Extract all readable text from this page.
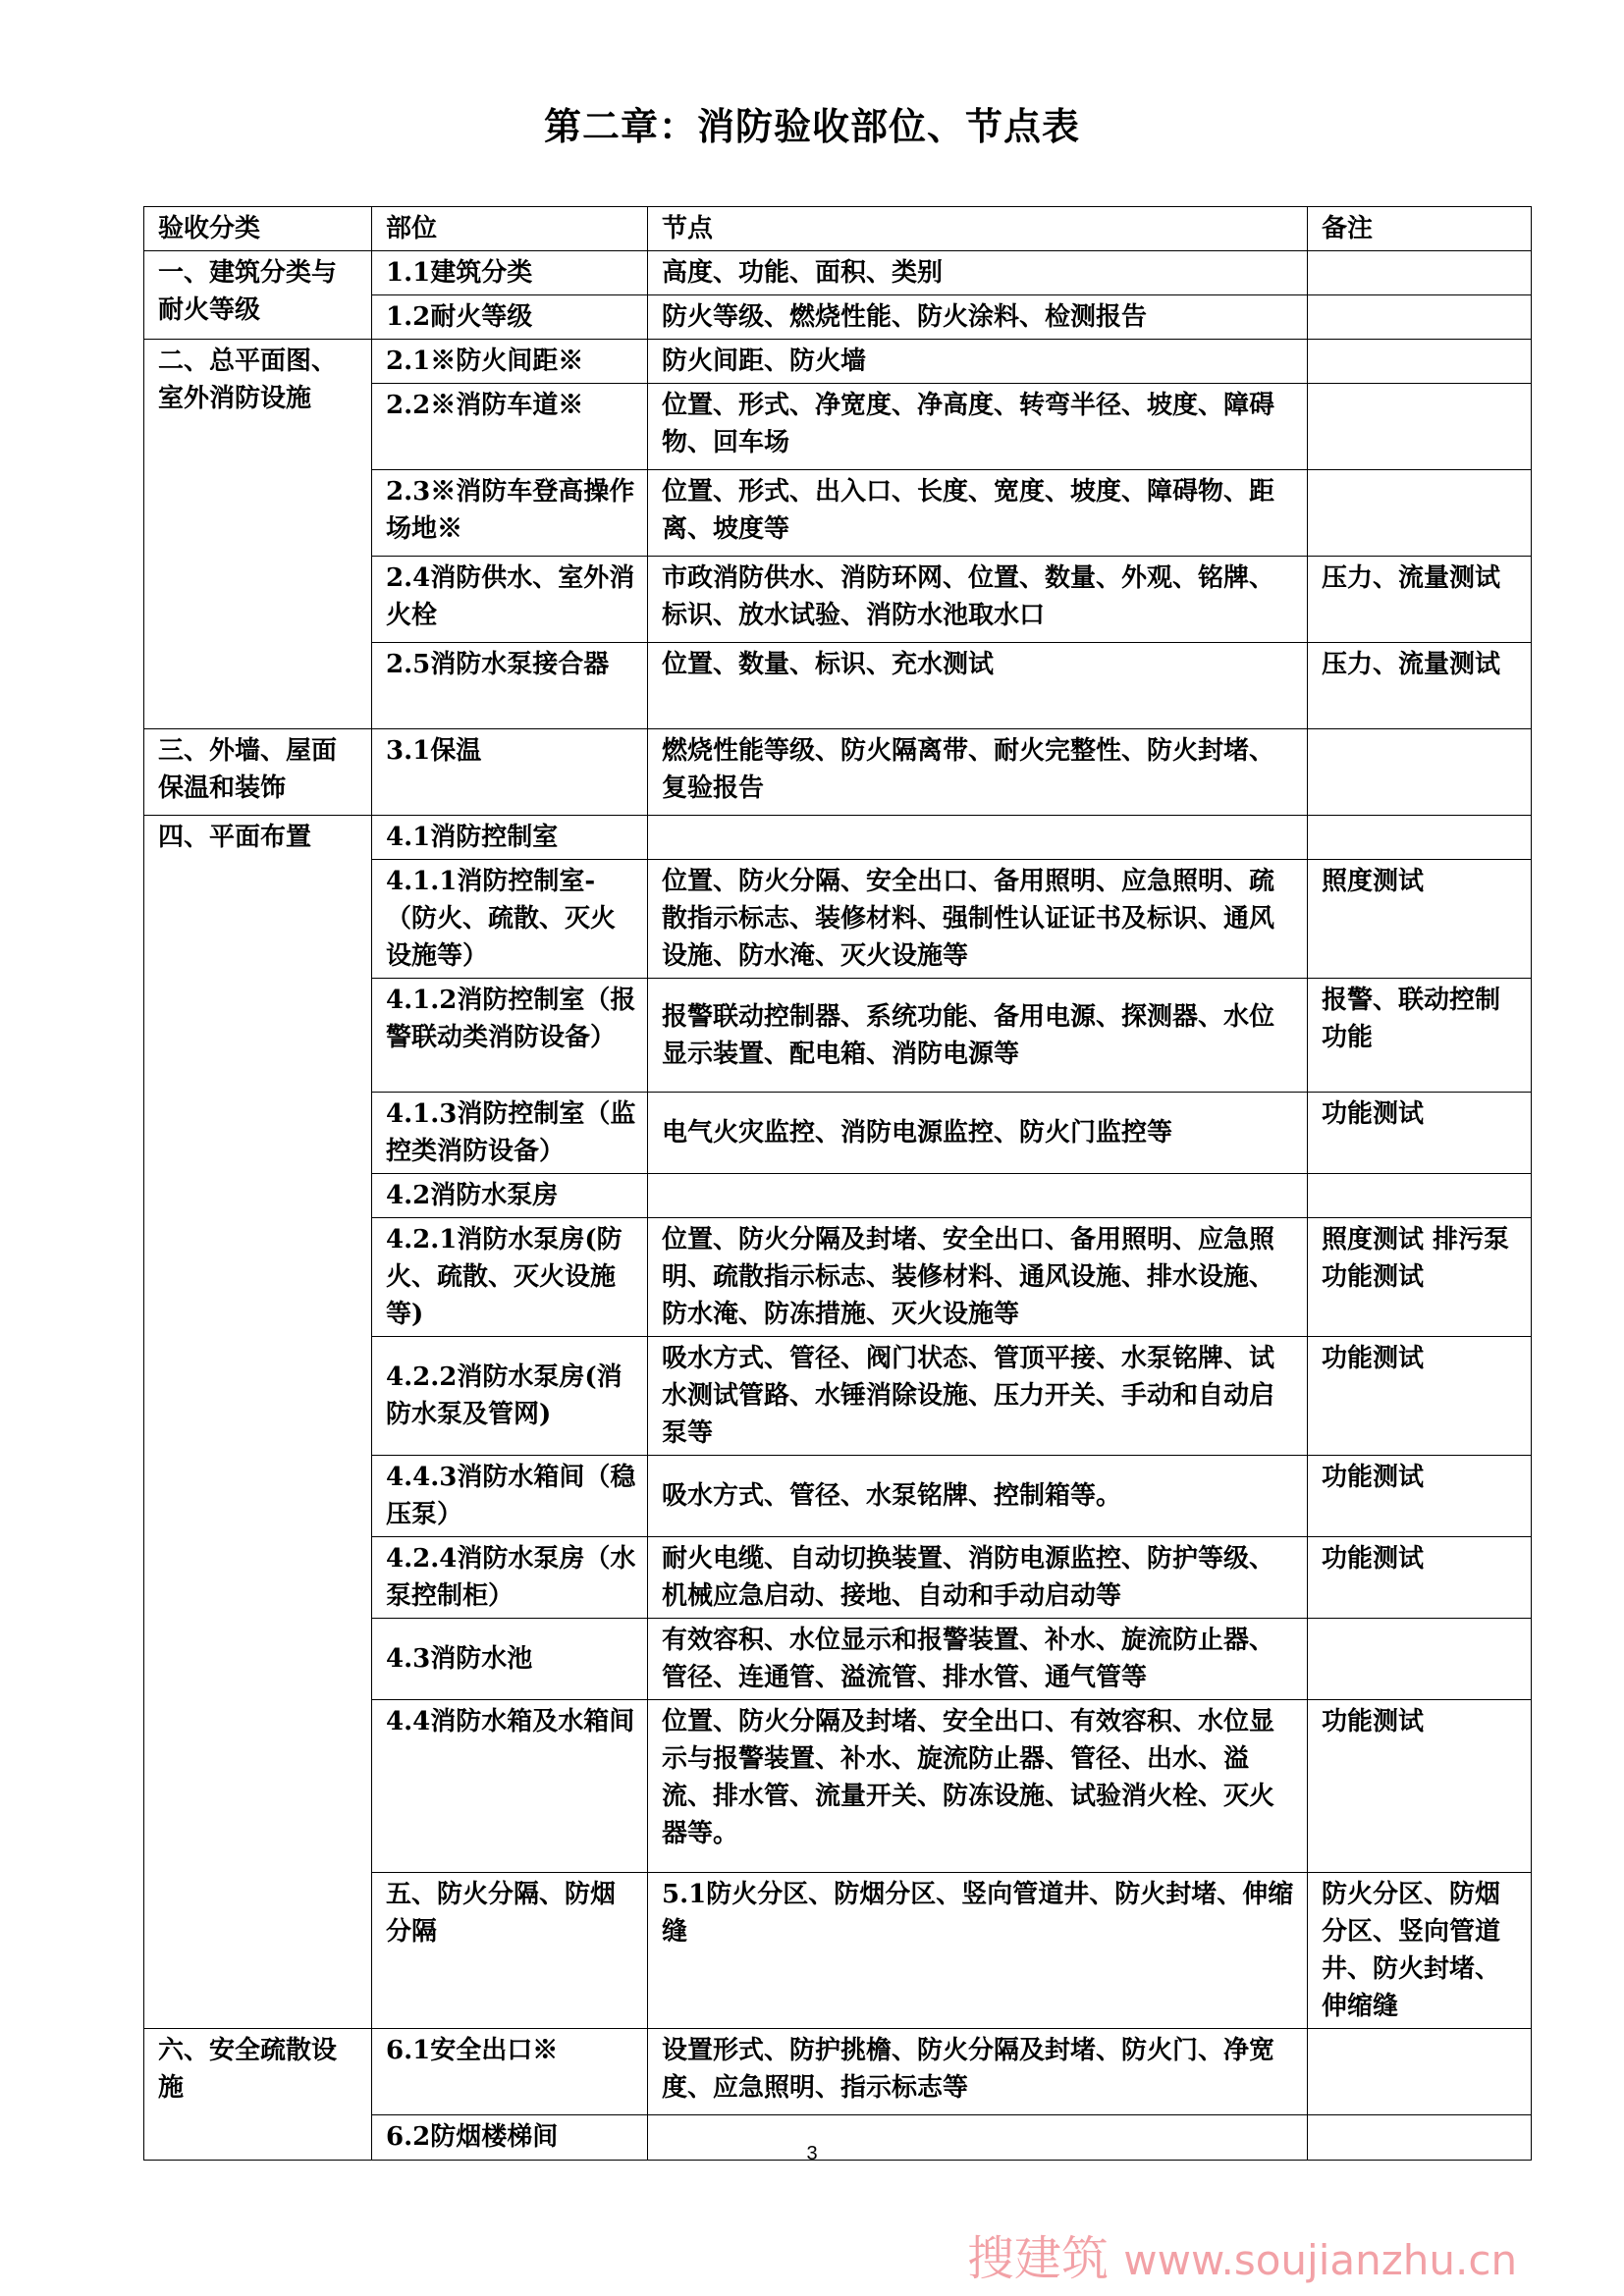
第二章：消防验收部位、节点表
验收分类	部位	节点	备注	
一、建筑分类与耐火等级	1.1建筑分类	高度、功能、面积、类别		
	1.2耐火等级	防火等级、燃烧性能、防火涂料、检测报告		
二、总平面图、室外消防设施	2.1※防火间距※	防火间距、防火墙		
	2.2※消防车道※	位置、形式、净宽度、净高度、转弯半径、坡度、障碍物、回车场		
	2.3※消防车登高操作场地※	位置、形式、出入口、长度、宽度、坡度、障碍物、距离、坡度等		
	2.4消防供水、室外消火栓	市政消防供水、消防环网、位置、数量、外观、铭牌、标识、放水试验、消防水池取水口	压力、流量测试	
	2.5消防水泵接合器	位置、数量、标识、充水测试	压力、流量测试	
三、外墙、屋面保温和装饰	3.1保温	燃烧性能等级、防火隔离带、耐火完整性、防火封堵、复验报告		
四、平面布置	4.1消防控制室			
	4.1.1消防控制室-（防火、疏散、灭火设施等）	位置、防火分隔、安全出口、备用照明、应急照明、疏散指示标志、装修材料、强制性认证证书及标识、通风设施、防水淹、灭火设施等	照度测试	
	4.1.2消防控制室（报警联动类消防设备）	报警联动控制器、系统功能、备用电源、探测器、水位显示装置、配电箱、消防电源等	报警、联动控制功能	
	4.1.3消防控制室（监控类消防设备）	电气火灾监控、消防电源监控、防火门监控等	功能测试	
	4.2消防水泵房			
	4.2.1消防水泵房(防火、疏散、灭火设施等)	位置、防火分隔及封堵、安全出口、备用照明、应急照明、疏散指示标志、装修材料、通风设施、排水设施、防水淹、防冻措施、灭火设施等	照度测试 排污泵功能测试	
	4.2.2消防水泵房(消防水泵及管网)	吸水方式、管径、阀门状态、管顶平接、水泵铭牌、试水测试管路、水锤消除设施、压力开关、手动和自动启泵等	功能测试	
	4.4.3消防水箱间（稳压泵）	吸水方式、管径、水泵铭牌、控制箱等。	功能测试	
	4.2.4消防水泵房（水泵控制柜）	耐火电缆、自动切换装置、消防电源监控、防护等级、机械应急启动、接地、自动和手动启动等	功能测试	
	4.3消防水池	有效容积、水位显示和报警装置、补水、旋流防止器、管径、连通管、溢流管、排水管、通气管等		
	4.4消防水箱及水箱间	位置、防火分隔及封堵、安全出口、有效容积、水位显示与报警装置、补水、旋流防止器、管径、出水、溢流、排水管、流量开关、防冻设施、试验消火栓、灭火器等。	功能测试	
	五、防火分隔、防烟分隔	5.1防火分区、防烟分区、竖向管道井、防火封堵、伸缩缝	防火分区、防烟分区、竖向管道井、防火封堵、伸缩缝	
六、安全疏散设施	6.1安全出口※	设置形式、防护挑檐、防火分隔及封堵、防火门、净宽度、应急照明、指示标志等		
	6.2防烟楼梯间			
3
搜建筑 www.soujianzhu.cn
